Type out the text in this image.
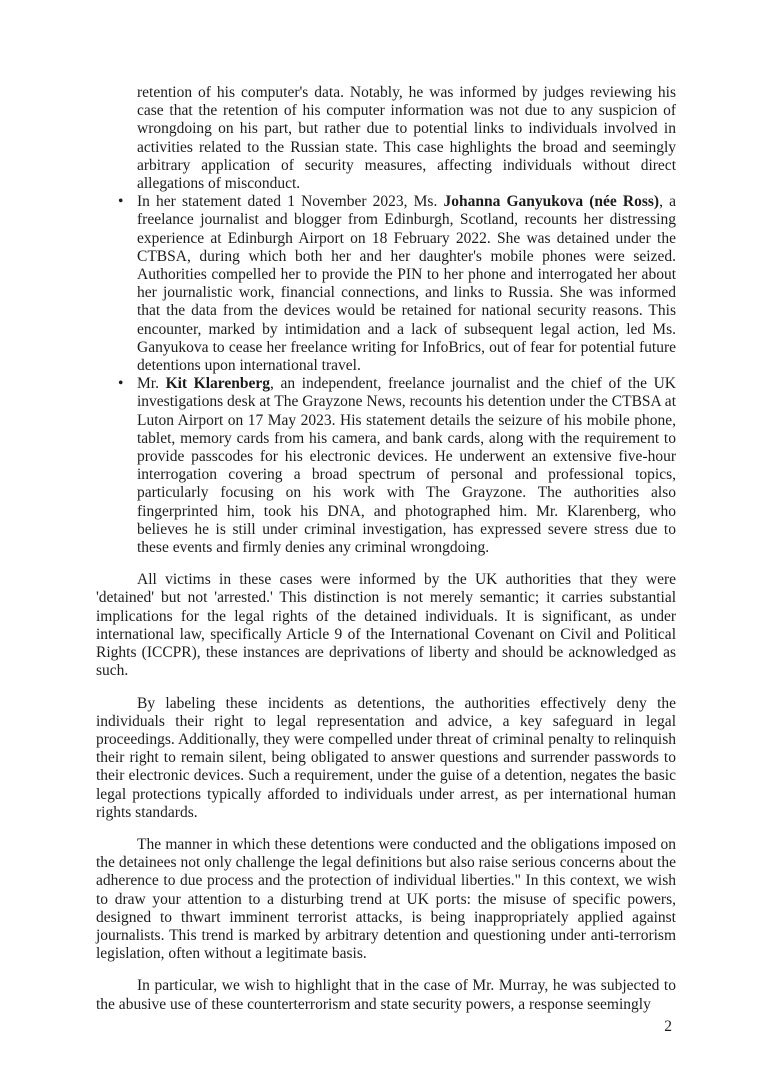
retention of his computer's data. Notably, he was informed by judges reviewing his case that the retention of his computer information was not due to any suspicion of wrongdoing on his part, but rather due to potential links to individuals involved in activities related to the Russian state. This case highlights the broad and seemingly arbitrary application of security measures, affecting individuals without direct allegations of misconduct.

• In her statement dated 1 November 2023, Ms. Johanna Ganyukova (née Ross), a freelance journalist and blogger from Edinburgh, Scotland, recounts her distressing experience at Edinburgh Airport on 18 February 2022. She was detained under the CTBSA, during which both her and her daughter's mobile phones were seized. Authorities compelled her to provide the PIN to her phone and interrogated her about her journalistic work, financial connections, and links to Russia. She was informed that the data from the devices would be retained for national security reasons. This encounter, marked by intimidation and a lack of subsequent legal action, led Ms. Ganyukova to cease her freelance writing for InfoBrics, out of fear for potential future detentions upon international travel.
• Mr. Kit Klarenberg, an independent, freelance journalist and the chief of the UK investigations desk at The Grayzone News, recounts his detention under the CTBSA at Luton Airport on 17 May 2023. His statement details the seizure of his mobile phone, tablet, memory cards from his camera, and bank cards, along with the requirement to provide passcodes for his electronic devices. He underwent an extensive five-hour interrogation covering a broad spectrum of personal and professional topics, particularly focusing on his work with The Grayzone. The authorities also fingerprinted him, took his DNA, and photographed him. Mr. Klarenberg, who believes he is still under criminal investigation, has expressed severe stress due to these events and firmly denies any criminal wrongdoing.

All victims in these cases were informed by the UK authorities that they were 'detained' but not 'arrested.' This distinction is not merely semantic; it carries substantial implications for the legal rights of the detained individuals. It is significant, as under international law, specifically Article 9 of the International Covenant on Civil and Political Rights (ICCPR), these instances are deprivations of liberty and should be acknowledged as such.

By labeling these incidents as detentions, the authorities effectively deny the individuals their right to legal representation and advice, a key safeguard in legal proceedings. Additionally, they were compelled under threat of criminal penalty to relinquish their right to remain silent, being obligated to answer questions and surrender passwords to their electronic devices. Such a requirement, under the guise of a detention, negates the basic legal protections typically afforded to individuals under arrest, as per international human rights standards.

The manner in which these detentions were conducted and the obligations imposed on the detainees not only challenge the legal definitions but also raise serious concerns about the adherence to due process and the protection of individual liberties." In this context, we wish to draw your attention to a disturbing trend at UK ports: the misuse of specific powers, designed to thwart imminent terrorist attacks, is being inappropriately applied against journalists. This trend is marked by arbitrary detention and questioning under anti-terrorism legislation, often without a legitimate basis.

In particular, we wish to highlight that in the case of Mr. Murray, he was subjected to the abusive use of these counterterrorism and state security powers, a response seemingly

2
